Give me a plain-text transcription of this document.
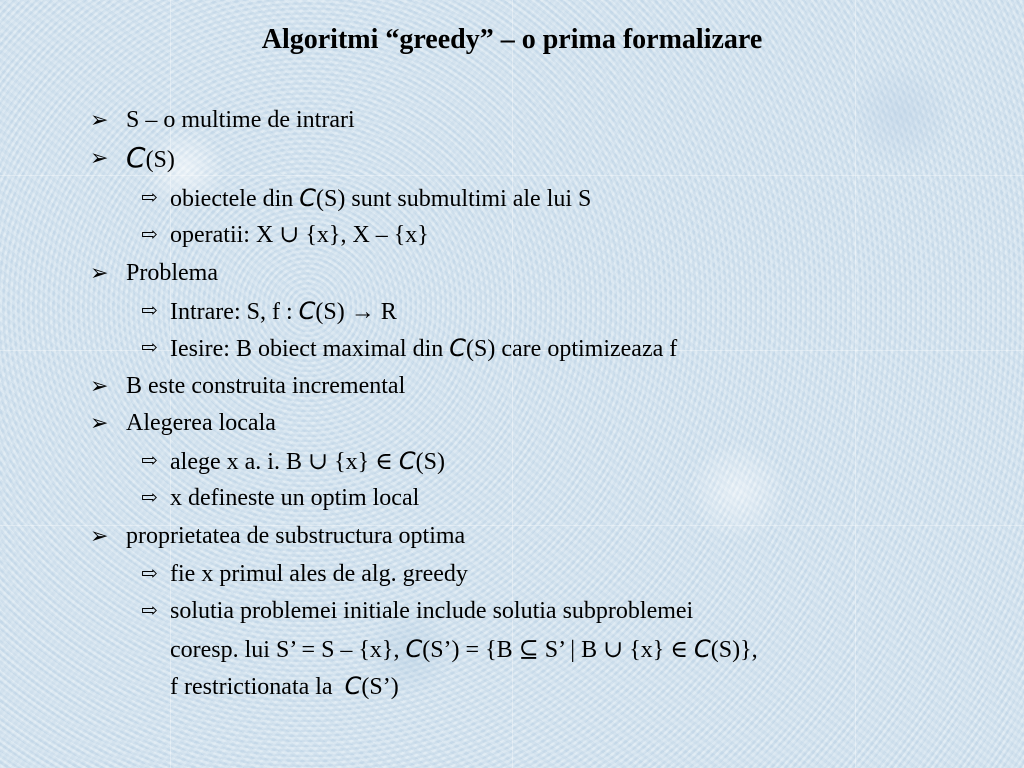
Algoritmi “greedy” – o prima formalizare
➢ S – o multime de intrari
➢ C(S)
⇨ obiectele din C(S) sunt submultimi ale lui S
⇨ operatii: X ∪ {x}, X – {x}
➢ Problema
⇨ Intrare: S, f : C(S) → R
⇨ Iesire: B obiect maximal din C(S) care optimizeaza f
➢ B este construita incremental
➢ Alegerea locala
⇨ alege x a. i. B ∪ {x} ∈ C(S)
⇨ x defineste un optim local
➢ proprietatea de substructura optima
⇨ fie x primul ales de alg. greedy
⇨ solutia problemei initiale include solutia subproblemei
coresp. lui S’ = S – {x}, C(S’) = {B ⊆ S’ | B ∪ {x} ∈ C(S)},
f restrictionata la  C(S’)
